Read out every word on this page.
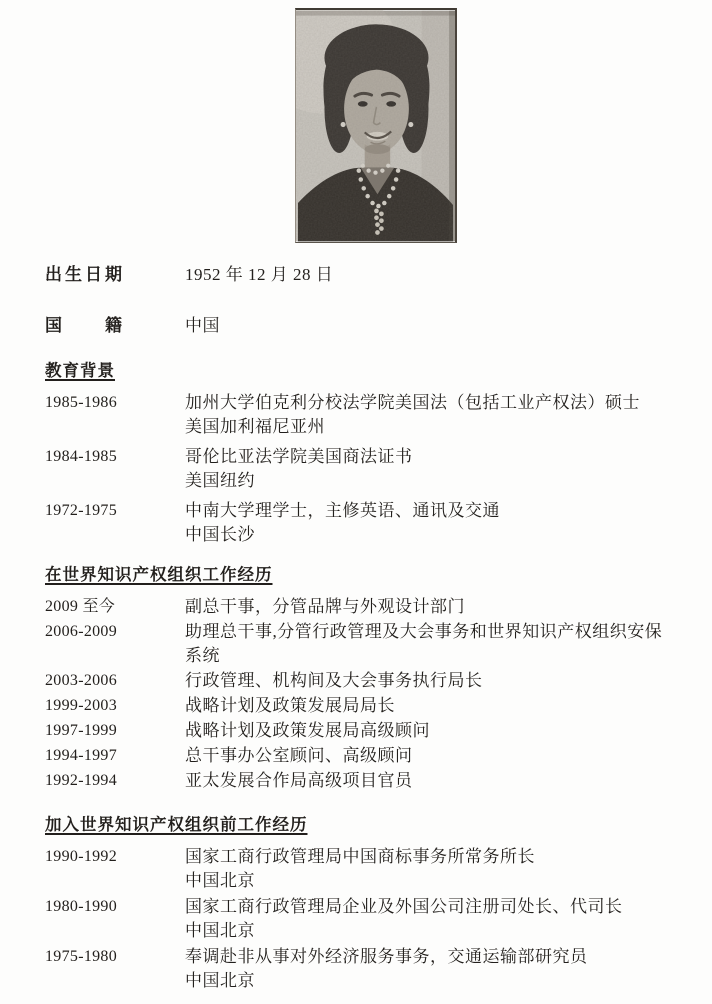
出生日期	1952 年 12 月 28 日
国　　籍	中国
教育背景
1985-1986	加州大学伯克利分校法学院美国法（包括工业产权法）硕士
美国加利福尼亚州
1984-1985	哥伦比亚法学院美国商法证书
美国纽约
1972-1975	中南大学理学士，主修英语、通讯及交通
中国长沙
在世界知识产权组织工作经历
2009 至今	副总干事，分管品牌与外观设计部门
2006-2009	助理总干事,分管行政管理及大会事务和世界知识产权组织安保
系统
2003-2006	行政管理、机构间及大会事务执行局长
1999-2003	战略计划及政策发展局局长
1997-1999	战略计划及政策发展局高级顾问
1994-1997	总干事办公室顾问、高级顾问
1992-1994	亚太发展合作局高级项目官员
加入世界知识产权组织前工作经历
1990-1992	国家工商行政管理局中国商标事务所常务所长
中国北京
1980-1990	国家工商行政管理局企业及外国公司注册司处长、代司长
中国北京
1975-1980	奉调赴非从事对外经济服务事务，交通运输部研究员
中国北京
